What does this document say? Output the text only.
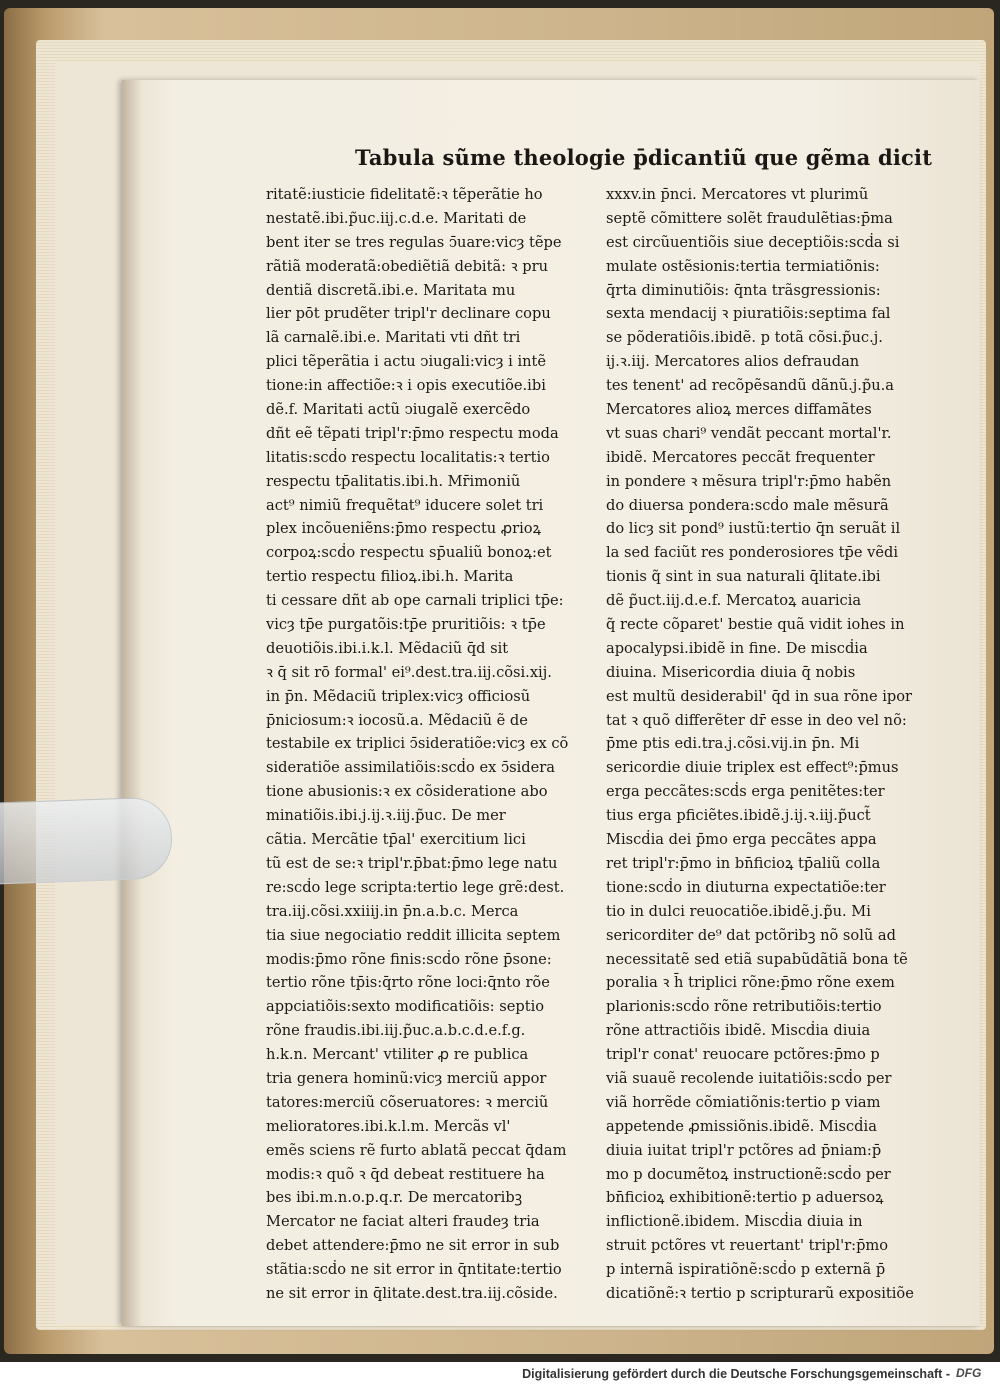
Tabula sũme theologie p̄dicantiũ que gẽma dicit
ritatẽ:iusticie fidelitatẽ:ꝛ tẽperãtie ho
nestatẽ.ibi.p̃uc.iij.c.d.e. Maritati de
bent iter se tres regulas ↄ̄uare:vicȝ tẽpe
rãtiã moderatã:obediẽtiã debitã: ꝛ pru
dentiã discretã.ibi.e. Maritata mu
lier pōt prudẽter tripl'r declinare copu
lã carnalẽ.ibi.e. Maritati vti dñt tri
plici tẽperãtia i actu ↄiugali:vicȝ i intẽ
tione:in affectiõe:ꝛ i opis executiõe.ibi
dẽ.f. Maritati actũ ↄiugalẽ exercẽdo
dñt eẽ tẽpati tripl'r:p̄mo respectu moda
litatis:scḋo respectu localitatis:ꝛ tertio
respectu tp̄alitatis.ibi.h. Mr̄imoniũ
act⁹ nimiũ frequẽtat⁹ iducere solet tri
plex incõueniẽns:p̄mo respectu ꝓrioꝝ
corpoꝝ:scḋo respectu sp̄ualiũ bonoꝝ:et
tertio respectu filioꝝ.ibi.h. Marita
ti cessare dñt ab ope carnali triplici tp̄e:
vicȝ tp̄e purgatõis:tp̄e pruritiõis: ꝛ tp̄e
deuotiõis.ibi.i.k.l. Mẽdaciũ q̄d sit
ꝛ q̄ sit rō formal' ei⁹.dest.tra.iij.cõsi.xij.
in p̄n. Mẽdaciũ triplex:vicȝ officiosũ
p̄niciosum:ꝛ iocosũ.a. Mẽdaciũ ẽ de
testabile ex triplici ↄ̄sideratiõe:vicȝ ex cõ
sideratiõe assimilatiõis:scḋo ex ↄ̄sidera
tione abusionis:ꝛ ex cõsideratione abo
minatiõis.ibi.j.ij.ꝛ.iij.p̃uc. De mer
cãtia. Mercãtie tp̄al' exercitium lici
tũ est de se:ꝛ tripl'r.p̄bat:p̄mo lege natu
re:scḋo lege scripta:tertio lege grẽ:dest.
tra.iij.cõsi.xxiiij.in p̄n.a.b.c. Merca
tia siue negociatio reddit illicita septem
modis:p̄mo rõne finis:scḋo rõne p̄sone:
tertio rõne tp̄is:q̄rto rõne loci:q̄nto rõe
appciatiõis:sexto modificatiõis: septio
rõne fraudis.ibi.iij.p̃uc.a.b.c.d.e.f.g.
h.k.n. Mercant' vtiliter ꝓ re publica
tria genera hominũ:vicȝ merciũ appor
tatores:merciũ cõseruatores: ꝛ merciũ
melioratores.ibi.k.l.m. Mercãs vl'
emẽs sciens rẽ furto ablatã peccat q̄dam
modis:ꝛ quõ ꝛ q̄d debeat restituere ha
bes ibi.m.n.o.p.q.r. De mercatoribꝫ
Mercator ne faciat alteri fraudeȝ tria
debet attendere:p̄mo ne sit error in sub
stãtia:scḋo ne sit error in q̄ntitate:tertio
ne sit error in q̄litate.dest.tra.iij.cõside.
xxxv.in p̄nci. Mercatores vt plurimũ
septẽ cõmittere solẽt fraudulẽtias:p̄ma
est circũuentiõis siue deceptiõis:scḋa si
mulate ostẽsionis:tertia termiatiõnis:
q̄rta diminutiõis: q̄nta trãsgressionis:
sexta mendacij ꝛ piuratiõis:septima fal
se põderatiõis.ibidẽ. p totã cõsi.p̃uc.j.
ij.ꝛ.iij. Mercatores alios defraudan
tes tenent' ad recõpẽsandũ dãnũ.j.p̃u.a
Mercatores alioꝝ merces diffamãtes
vt suas chari⁹ vendãt peccant mortal'r.
ibidẽ. Mercatores peccãt frequenter
in pondere ꝛ mẽsura tripl'r:p̄mo habẽn
do diuersa pondera:scḋo male mẽsurã
do licȝ sit pond⁹ iustũ:tertio q̄n seruãt il
la sed faciũt res ponderosiores tp̄e vẽdi
tionis q̃ sint in sua naturali q̄litate.ibi
dẽ p̃uct.iij.d.e.f. Mercatoꝝ auaricia
q̃ recte cõparet' bestie quã vidit iohes in
apocalypsi.ibidẽ in fine. De miscḋia
diuina. Misericordia diuia q̄ nobis
est multũ desiderabil' q̄d in sua rõne ipor
tat ꝛ quõ differẽter dr̄ esse in deo vel nõ:
p̄me ptis edi.tra.j.cõsi.vij.in p̄n. Mi
sericordie diuie triplex est effect⁹:p̄mus
erga peccãtes:scḋs erga penitẽtes:ter
tius erga pficiẽtes.ibidẽ.j.ij.ꝛ.iij.p̃uct̃
Miscḋia dei p̄mo erga peccãtes appa
ret tripl'r:p̄mo in bn̄ficioꝝ tp̄aliũ colla
tione:scḋo in diuturna expectatiõe:ter
tio in dulci reuocatiõe.ibidẽ.j.p̃u. Mi
sericorditer de⁹ dat pctõribꝫ nõ solũ ad
necessitatẽ sed etiã supabũdãtiã bona tẽ
poralia ꝛ h̄ triplici rõne:p̄mo rõne exem
plarionis:scḋo rõne retributiõis:tertio
rõne attractiõis ibidẽ. Miscḋia diuia
tripl'r conat' reuocare pctõres:p̄mo p
viã suauẽ recolende iuitatiõis:scḋo per
viã horrẽde cõmiatiõnis:tertio p viam
appetende ꝓmissiõnis.ibidẽ. Miscḋia
diuia iuitat tripl'r pctõres ad p̄niam:p̄
mo p documẽtoꝝ instructionẽ:scḋo per
bn̄ficioꝝ exhibitionẽ:tertio p aduersoꝝ
inflictionẽ.ibidem. Miscḋia diuia in
struit pctõres vt reuertant' tripl'r:p̄mo
p internã ispiratiõnẽ:scḋo p externã p̄
dicatiõnẽ:ꝛ tertio p scripturarũ expositiõe
Digitalisierung gefördert durch die Deutsche Forschungsgemeinschaft - DFG
